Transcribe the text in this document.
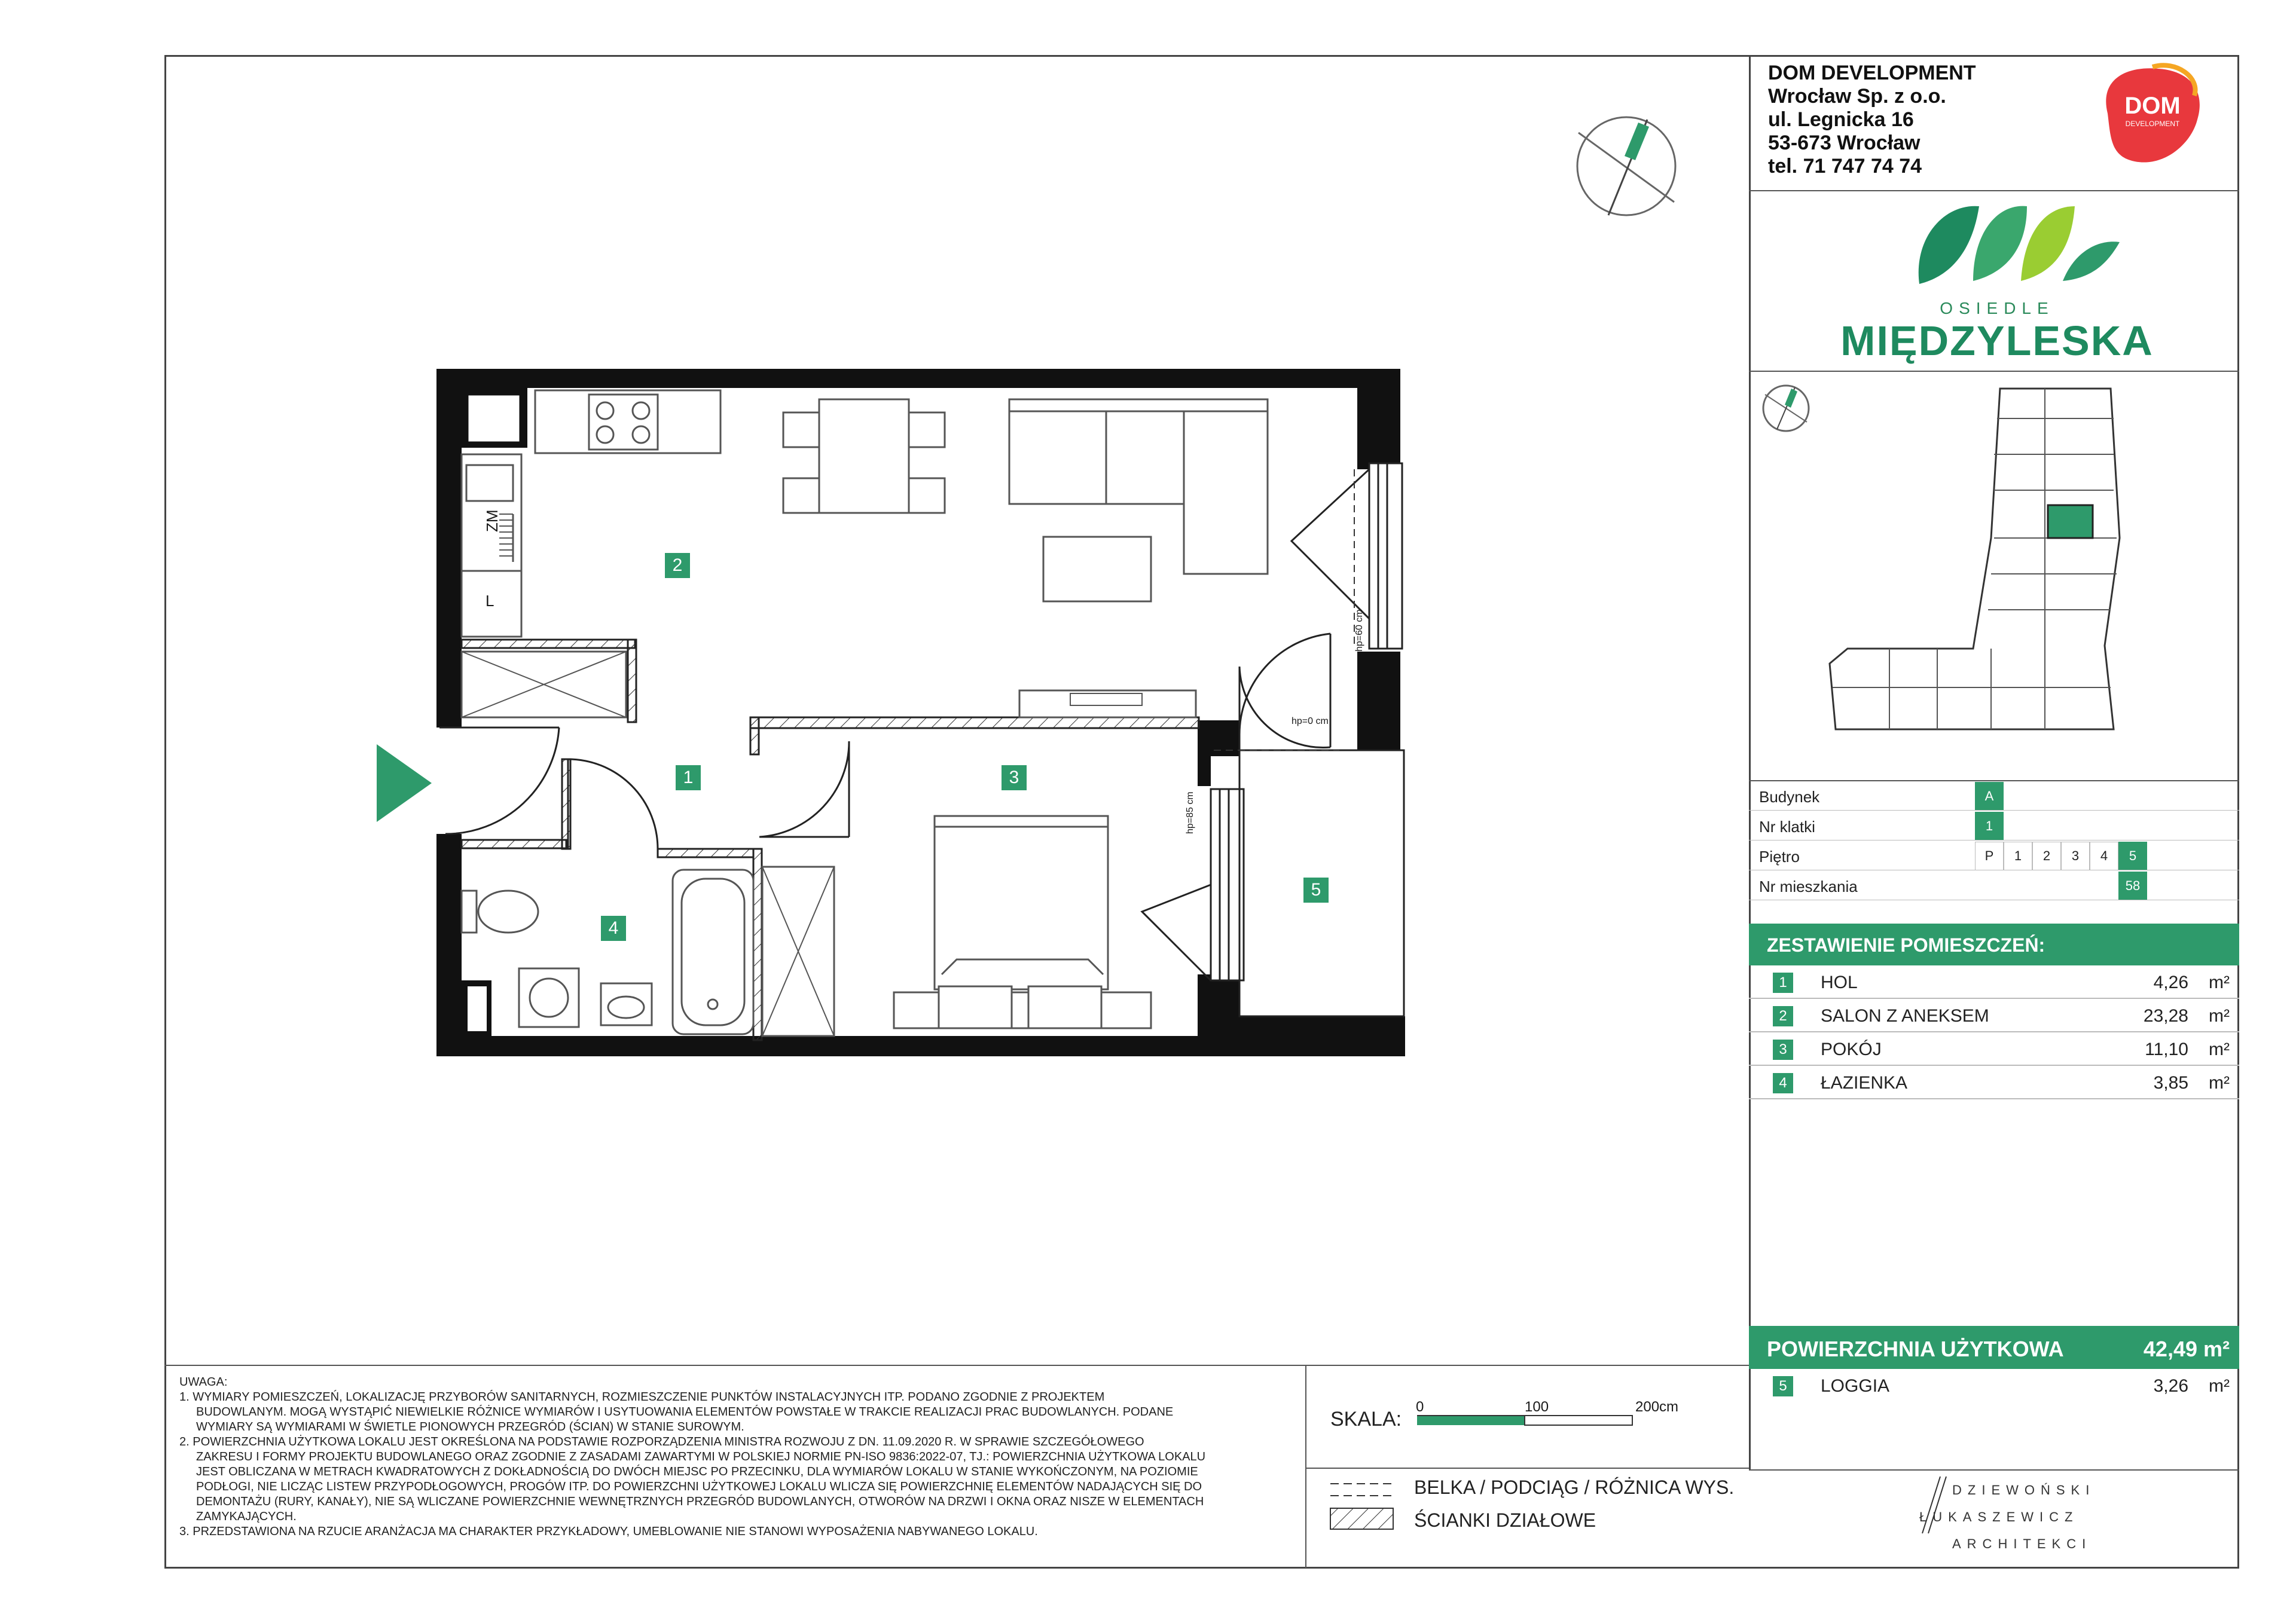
2
1	3
4
5
ZM
L
hp=60 cm
hp=0 cm
hp=85 cm
DOM DEVELOPMENT
Wrocław Sp. z o.o.
ul. Legnicka 16
53-673 Wrocław
tel. 71 747 74 74
DOM
DEVELOPMENT
OSIEDLE
MIĘDZYLESKA
Budynek	A
Nr klatki	1
Piętro	P	1	2	3	4	5
Nr mieszkania	58
ZESTAWIENIE POMIESZCZEŃ:
1	HOL	4,26 m²
2	SALON Z ANEKSEM	23,28 m²
3	POKÓJ	11,10 m²
4	ŁAZIENKA	3,85 m²
POWIERZCHNIA UŻYTKOWA	42,49 m²
5	LOGGIA	3,26 m²
DZIEWOŃSKI
ŁUKASZEWICZ
ARCHITEKCI
UWAGA:
1. WYMIARY POMIESZCZEŃ, LOKALIZACJĘ PRZYBORÓW SANITARNYCH, ROZMIESZCZENIE PUNKTÓW INSTALACYJNYCH ITP. PODANO ZGODNIE Z PROJEKTEM
BUDOWLANYM. MOGĄ WYSTĄPIĆ NIEWIELKIE RÓŻNICE WYMIARÓW I USYTUOWANIA ELEMENTÓW POWSTAŁE W TRAKCIE REALIZACJI PRAC BUDOWLANYCH. PODANE
WYMIARY SĄ WYMIARAMI W ŚWIETLE PIONOWYCH PRZEGRÓD (ŚCIAN) W STANIE SUROWYM.
2. POWIERZCHNIA UŻYTKOWA LOKALU JEST OKREŚLONA NA PODSTAWIE ROZPORZĄDZENIA MINISTRA ROZWOJU Z DN. 11.09.2020 R. W SPRAWIE SZCZEGÓŁOWEGO
ZAKRESU I FORMY PROJEKTU BUDOWLANEGO ORAZ ZGODNIE Z ZASADAMI ZAWARTYMI W POLSKIEJ NORMIE PN-ISO 9836:2022-07, TJ.: POWIERZCHNIA UŻYTKOWA LOKALU
JEST OBLICZANA W METRACH KWADRATOWYCH Z DOKŁADNOŚCIĄ DO DWÓCH MIEJSC PO PRZECINKU, DLA WYMIARÓW LOKALU W STANIE WYKOŃCZONYM, NA POZIOMIE
PODŁOGI, NIE LICZĄC LISTEW PRZYPODŁOGOWYCH, PROGÓW ITP. DO POWIERZCHNI UŻYTKOWEJ LOKALU WLICZA SIĘ POWIERZCHNIĘ ELEMENTÓW NADAJĄCYCH SIĘ DO
DEMONTAŻU (RURY, KANAŁY), NIE SĄ WLICZANE POWIERZCHNIE WEWNĘTRZNYCH PRZEGRÓD BUDOWLANYCH, OTWORÓW NA DRZWI I OKNA ORAZ NISZE W ELEMENTACH
ZAMYKAJĄCYCH.
3. PRZEDSTAWIONA NA RZUCIE ARANŻACJA MA CHARAKTER PRZYKŁADOWY, UMEBLOWANIE NIE STANOWI WYPOSAŻENIA NABYWANEGO LOKALU.
SKALA:
0	100	200cm
BELKA / PODCIĄG / RÓŻNICA WYS.
ŚCIANKI DZIAŁOWE
